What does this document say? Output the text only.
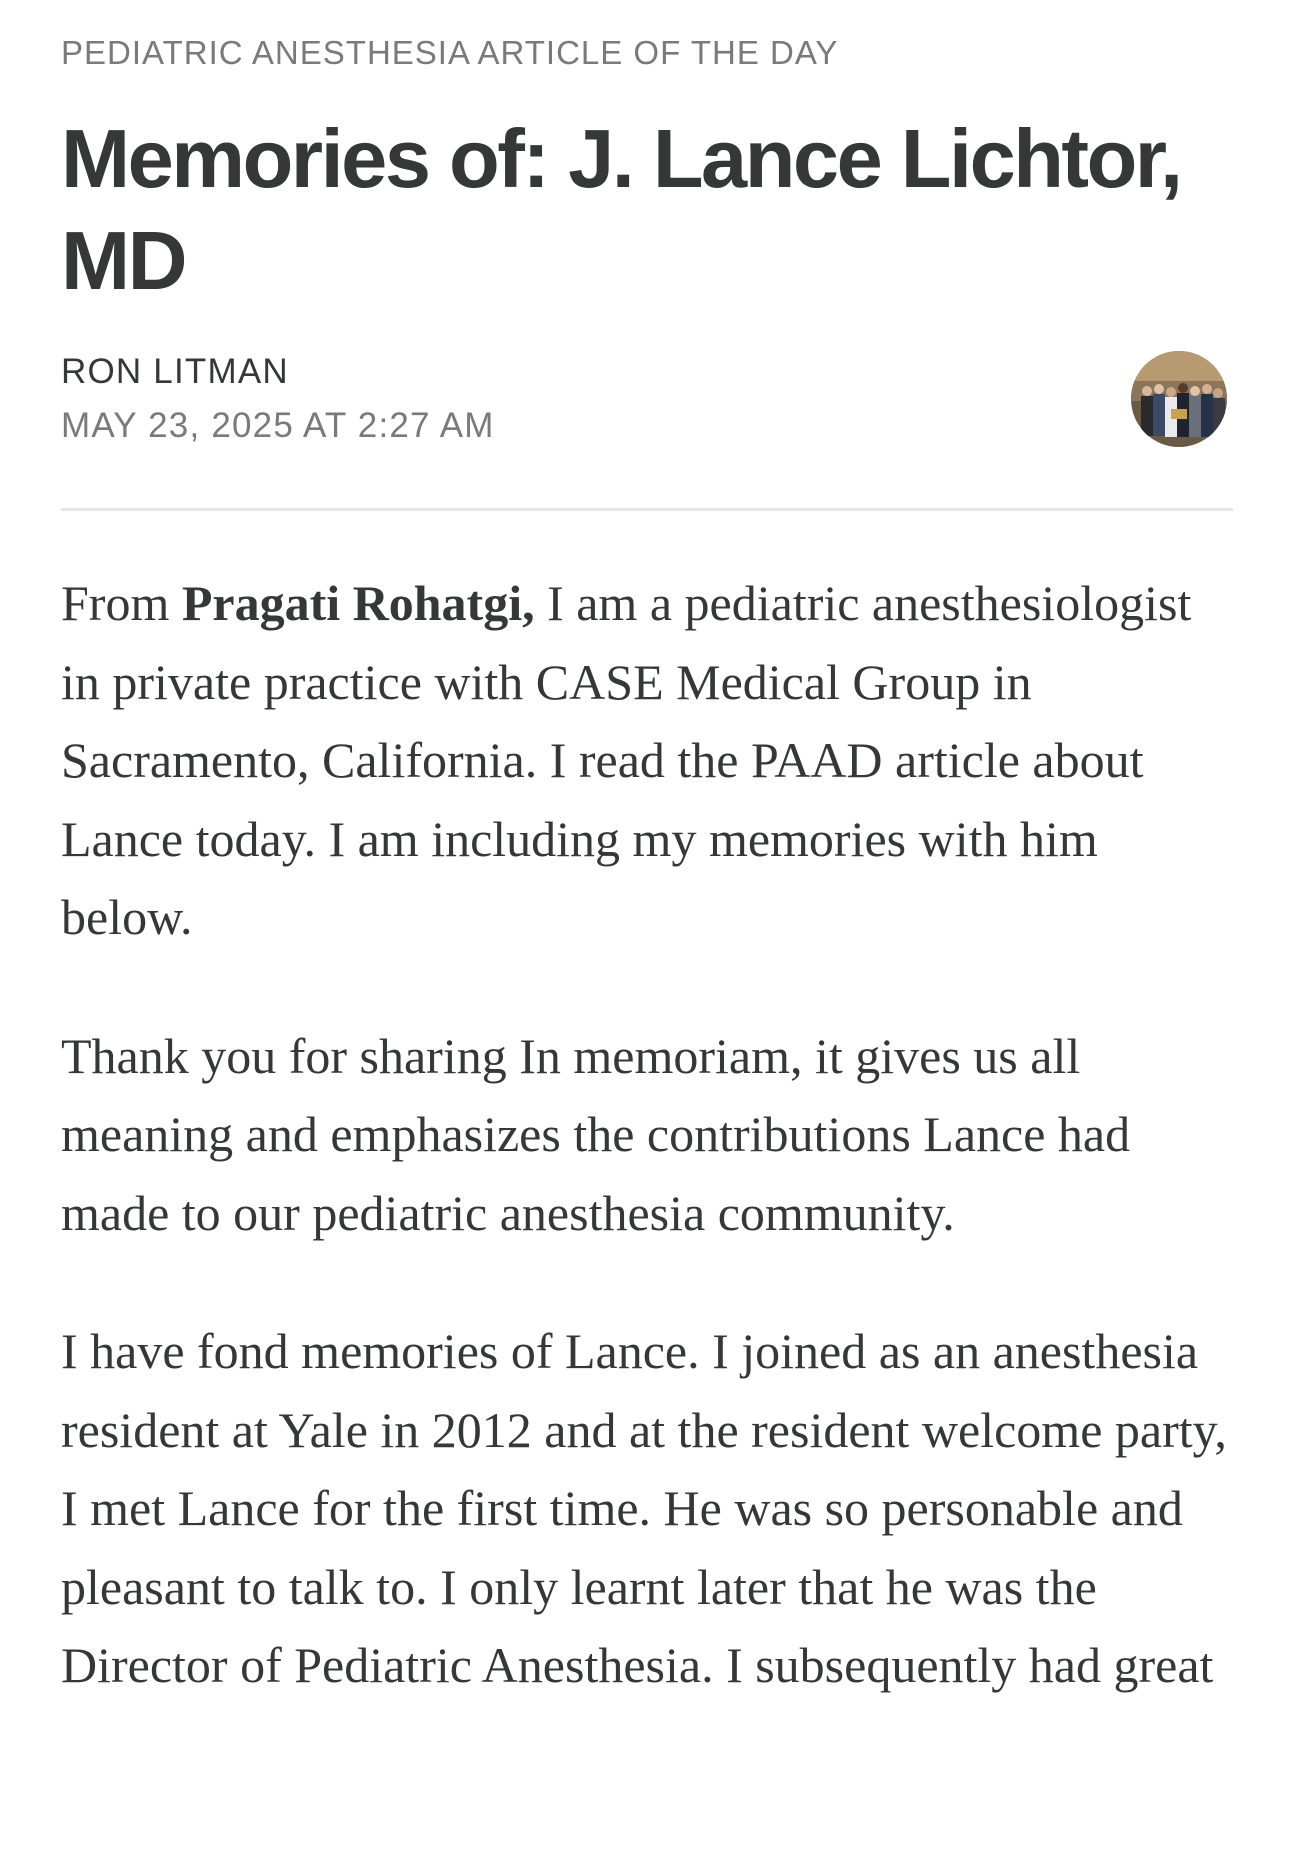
PEDIATRIC ANESTHESIA ARTICLE OF THE DAY
Memories of: J. Lance Lichtor, MD
RON LITMAN
MAY 23, 2025 AT 2:27 AM

From Pragati Rohatgi, I am a pediatric anesthesiologist in private practice with CASE Medical Group in Sacramento, California. I read the PAAD article about Lance today. I am including my memories with him below.

Thank you for sharing In memoriam, it gives us all meaning and emphasizes the contributions Lance had made to our pediatric anesthesia community.

I have fond memories of Lance. I joined as an anesthesia resident at Yale in 2012 and at the resident welcome party, I met Lance for the first time. He was so personable and pleasant to talk to. I only learnt later that he was the Director of Pediatric Anesthesia. I subsequently had great
